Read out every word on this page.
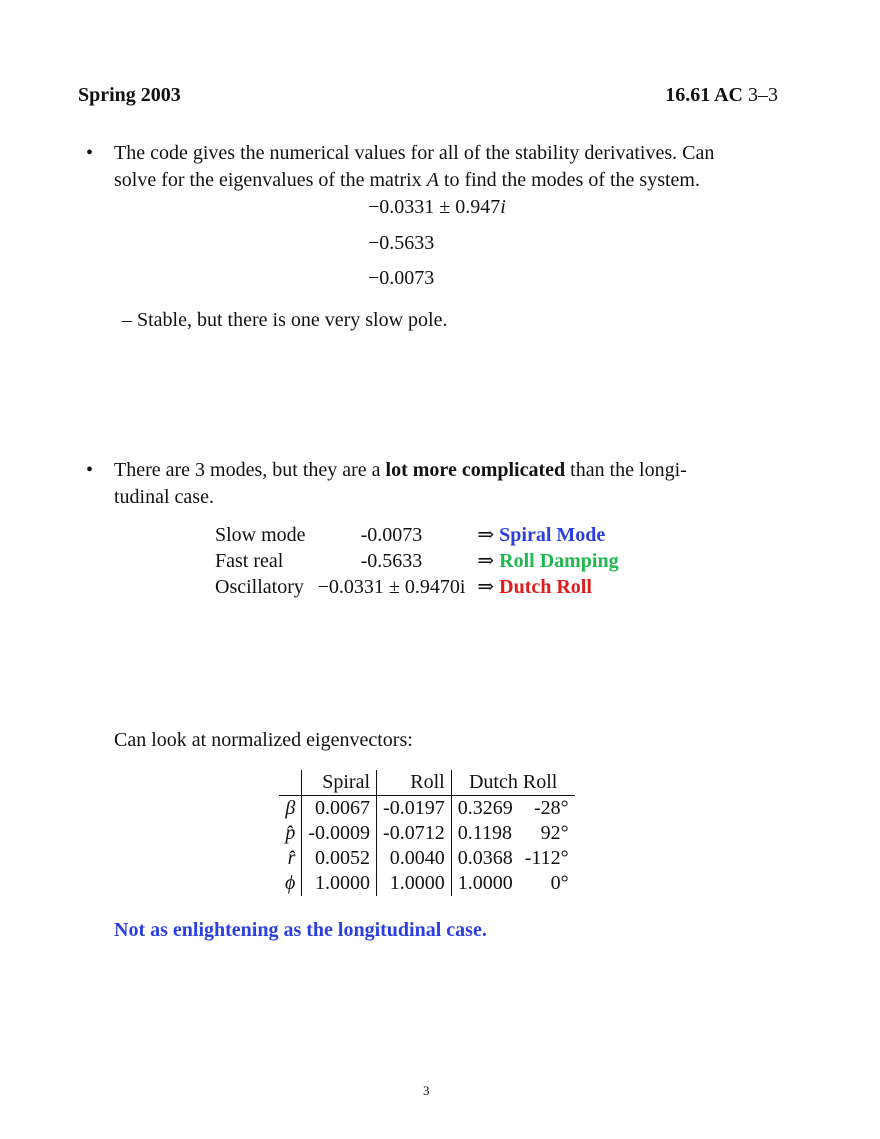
Spring 2003	16.61 AC 3–3
• The code gives the numerical values for all of the stability derivatives. Can
solve for the eigenvalues of the matrix A to find the modes of the system.
−0.0331 ± 0.947i
−0.5633
−0.0073
– Stable, but there is one very slow pole.
• There are 3 modes, but they are a lot more complicated than the longi-
tudinal case.
Slow mode	-0.0073	⇒ Spiral Mode
Fast real	-0.5633	⇒ Roll Damping
Oscillatory	−0.0331 ± 0.9470i	⇒ Dutch Roll
Can look at normalized eigenvectors:
	Spiral	Roll	Dutch Roll	
β	0.0067	-0.0197	0.3269	-28°
p̂	-0.0009	-0.0712	0.1198	92°
r̂	0.0052	0.0040	0.0368	-112°
ϕ	1.0000	1.0000	1.0000	0°
Not as enlightening as the longitudinal case.
3
